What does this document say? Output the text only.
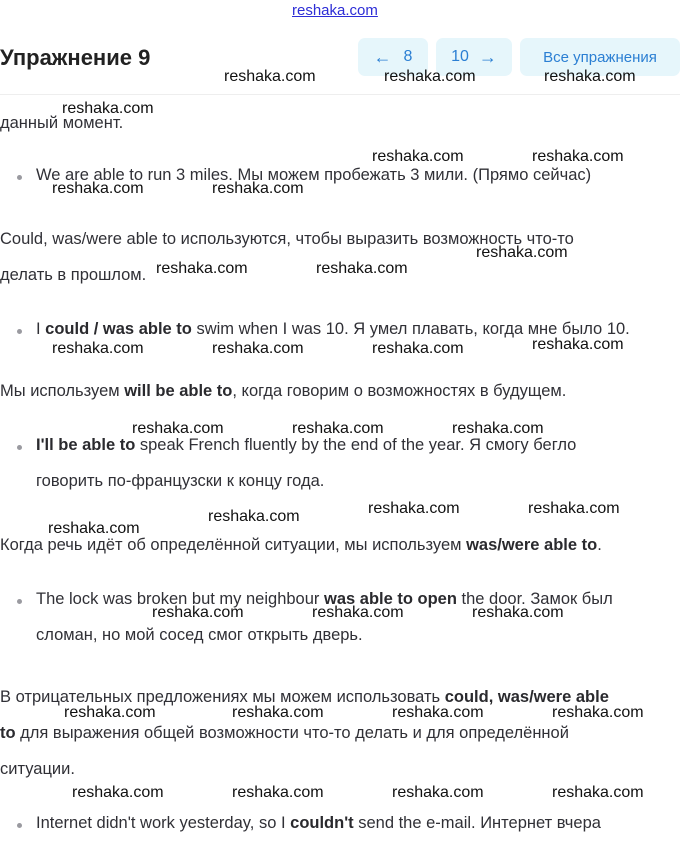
reshaka.com
Упражнение 9	← 8 10 →	Все упражнения
данный момент.
We are able to run 3 miles. Мы можем пробежать 3 мили. (Прямо сейчас)
Could, was/were able to используются, чтобы выразить возможность что-то
делать в прошлом.
I could / was able to swim when I was 10. Я умел плавать, когда мне было 10.
Мы используем will be able to, когда говорим о возможностях в будущем.
I'll be able to speak French fluently by the end of the year. Я смогу бегло
говорить по-французски к концу года.
Когда речь идёт об определённой ситуации, мы используем was/were able to.
The lock was broken but my neighbour was able to open the door. Замок был
сломан, но мой сосед смог открыть дверь.
В отрицательных предложениях мы можем использовать could, was/were able
to для выражения общей возможности что-то делать и для определённой
ситуации.
Internet didn't work yesterday, so I couldn't send the e-mail. Интернет вчера
reshaka.com	reshaka.com	reshaka.com
reshaka.com
reshaka.com	reshaka.com
reshaka.com	reshaka.com
reshaka.com
reshaka.com	reshaka.com
reshaka.com
reshaka.com	reshaka.com	reshaka.com
reshaka.com	reshaka.com	reshaka.com
reshaka.com	reshaka.com
reshaka.com
reshaka.com
reshaka.com	reshaka.com	reshaka.com
reshaka.com	reshaka.com	reshaka.com	reshaka.com
reshaka.com	reshaka.com	reshaka.com	reshaka.com
